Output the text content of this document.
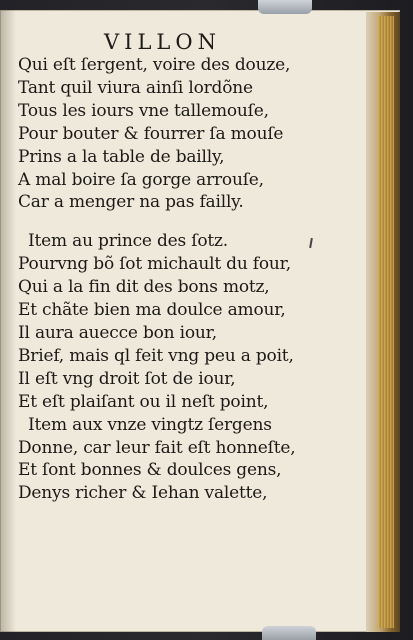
VILLON
Qui eſt ſergent, voire des douze,
Tant quil viura ainſi lordõne
Tous les iours vne tallemouſe,
Pour bouter & fourrer ſa mouſe
Prins a la table de bailly,
A mal boire ſa gorge arrouſe,
Car a menger na pas failly.
Item au prince des ſotz.
Pourvng bõ ſot michault du four,
Qui a la fin dit des bons motz,
Et chãte bien ma doulce amour,
Il aura auecce bon iour,
Brief, mais ql feit vng peu a poit,
Il eſt vng droit ſot de iour,
Et eſt plaiſant ou il neſt point,
Item aux vnze vingtz ſergens
Donne, car leur fait eſt honneſte,
Et ſont bonnes & doulces gens,
Denys richer & Iehan valette,
